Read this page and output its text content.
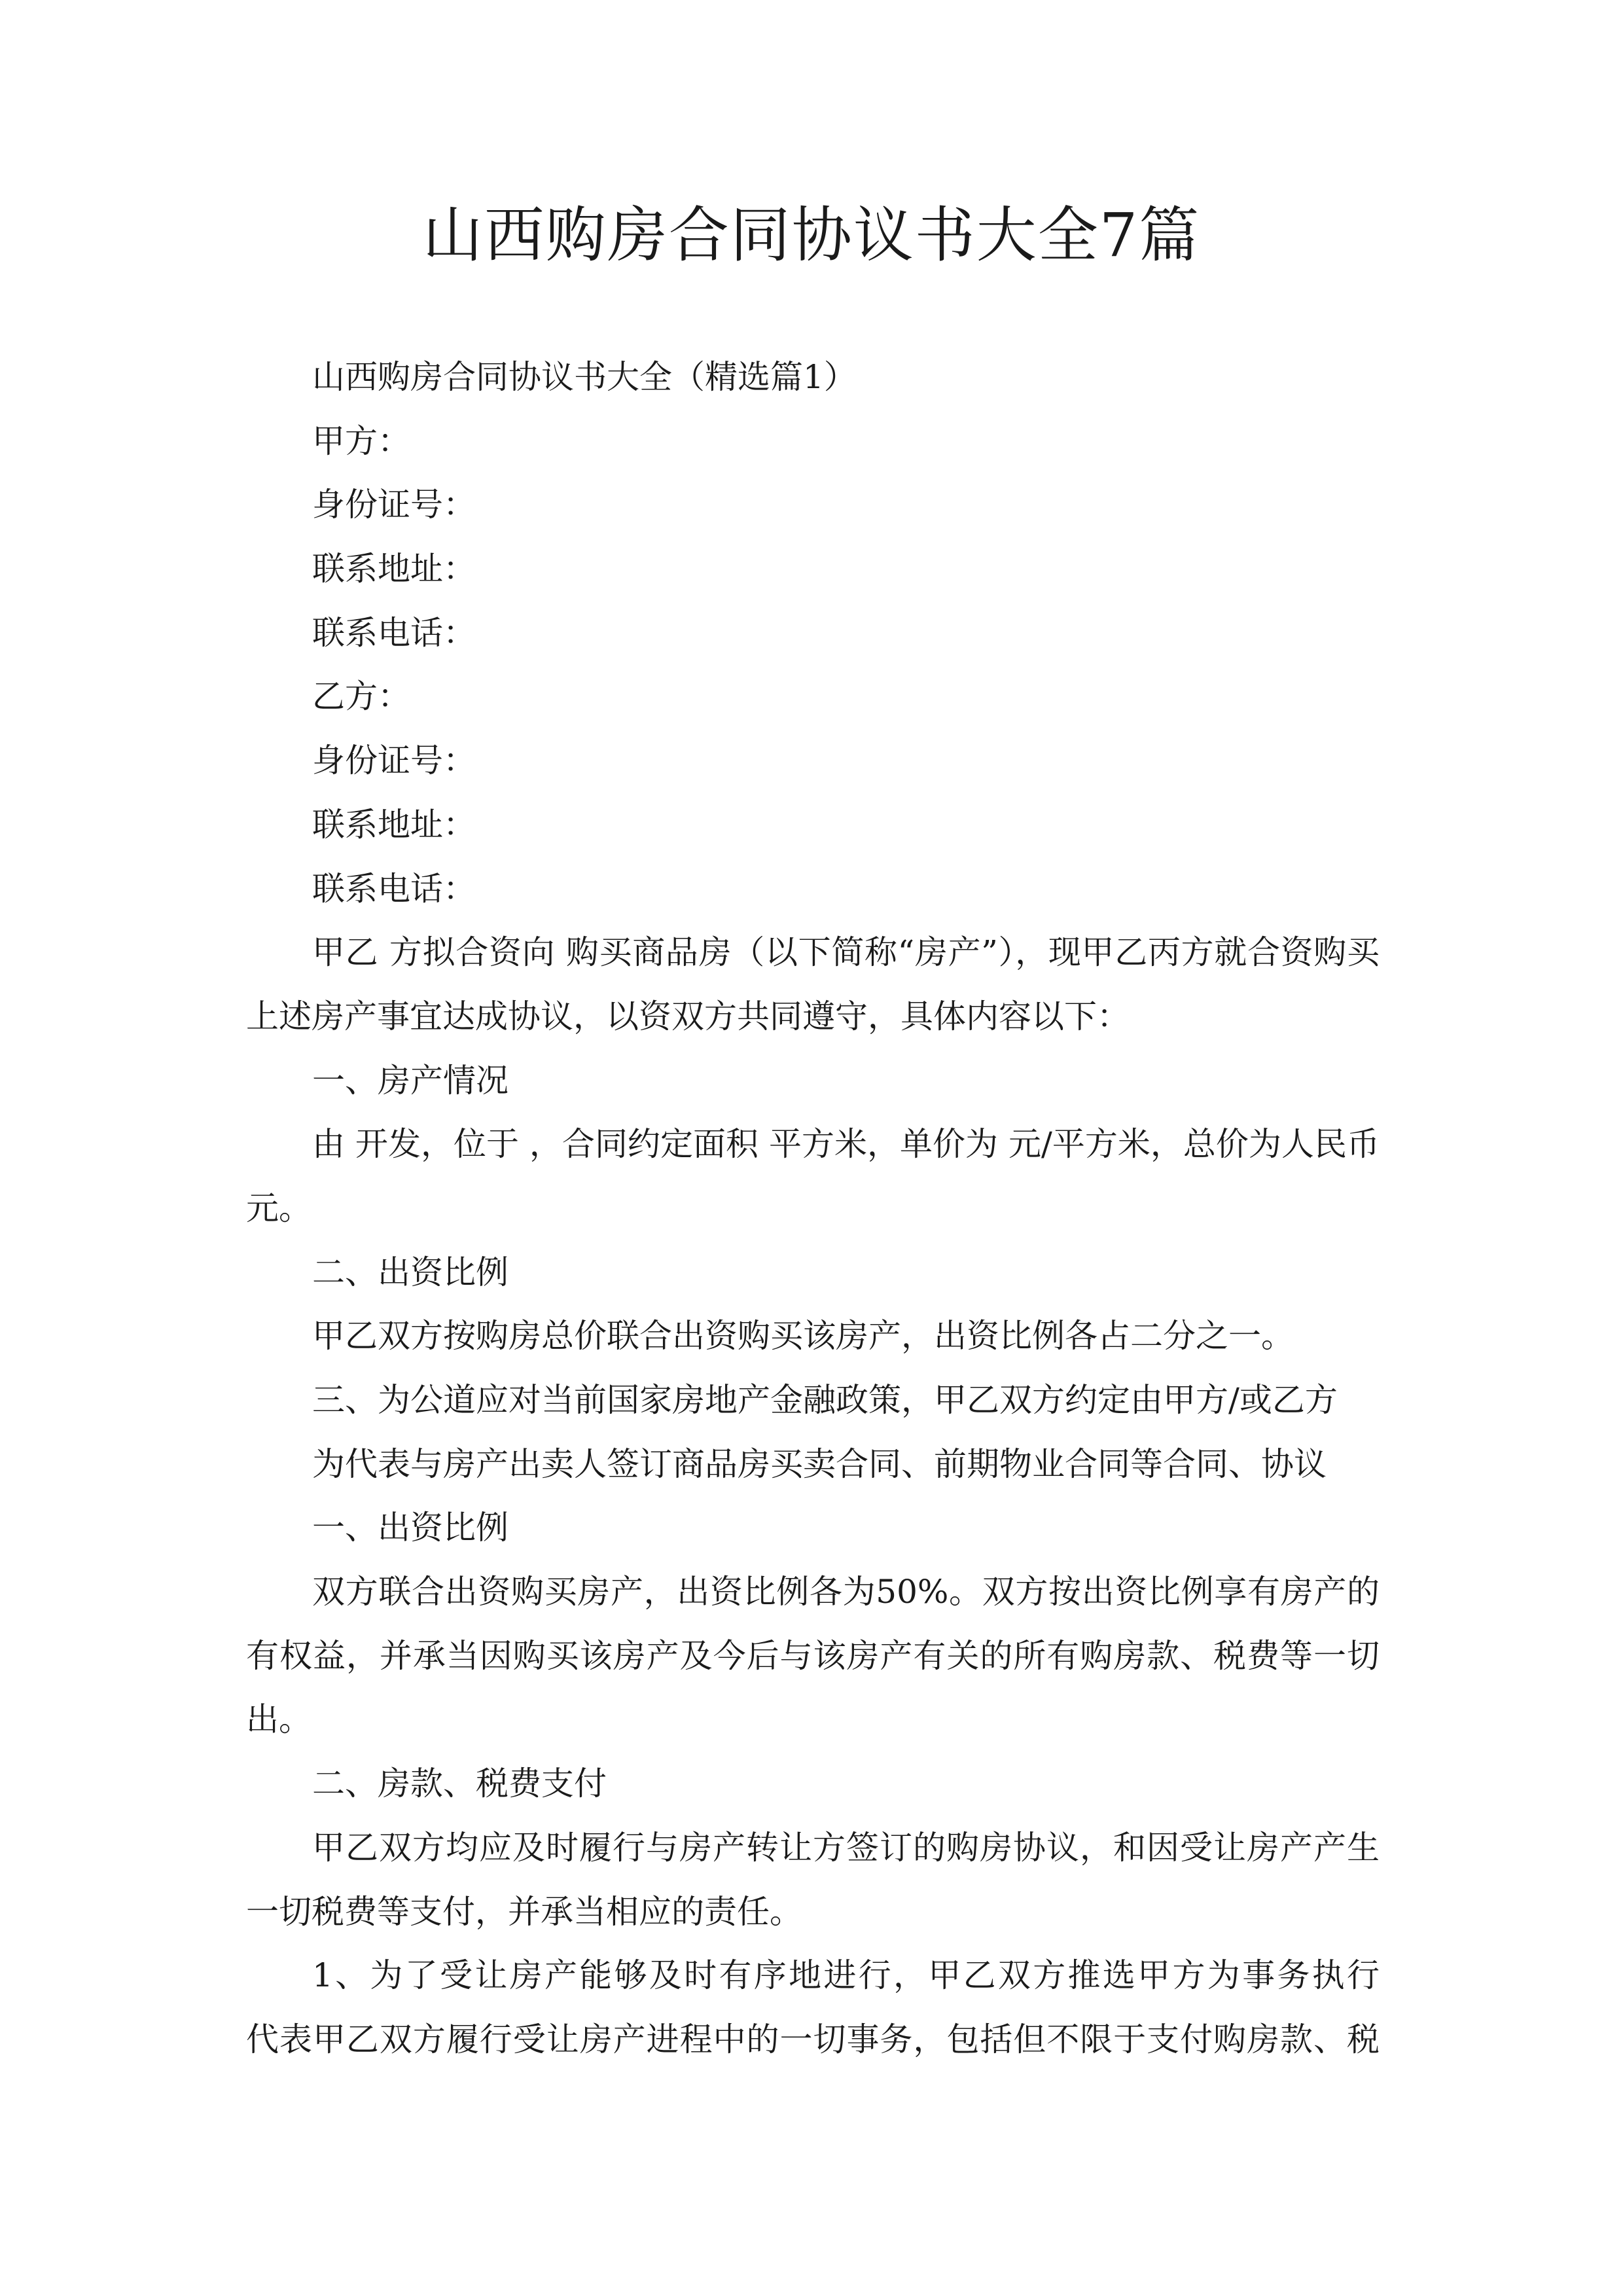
山西购房合同协议书大全7篇
山西购房合同协议书大全（精选篇1）
甲方：
身份证号：
联系地址：
联系电话：
乙方：
身份证号：
联系地址：
联系电话：
甲乙 方拟合资向 购买商品房（以下简称“房产”），现甲乙丙方就合资购买
上述房产事宜达成协议，以资双方共同遵守，具体内容以下：
一、房产情况
由 开发，位于 ，合同约定面积 平方米，单价为 元/平方米，总价为人民币
元。
二、出资比例
甲乙双方按购房总价联合出资购买该房产，出资比例各占二分之一。
三、为公道应对当前国家房地产金融政策，甲乙双方约定由甲方/或乙方
为代表与房产出卖人签订商品房买卖合同、前期物业合同等合同、协议
一、出资比例
双方联合出资购买房产，出资比例各为50%。双方按出资比例享有房产的
有权益，并承当因购买该房产及今后与该房产有关的所有购房款、税费等一切
出。
二、房款、税费支付
甲乙双方均应及时履行与房产转让方签订的购房协议，和因受让房产产生
一切税费等支付，并承当相应的责任。
1、为了受让房产能够及时有序地进行，甲乙双方推选甲方为事务执行
代表甲乙双方履行受让房产进程中的一切事务，包括但不限于支付购房款、税
